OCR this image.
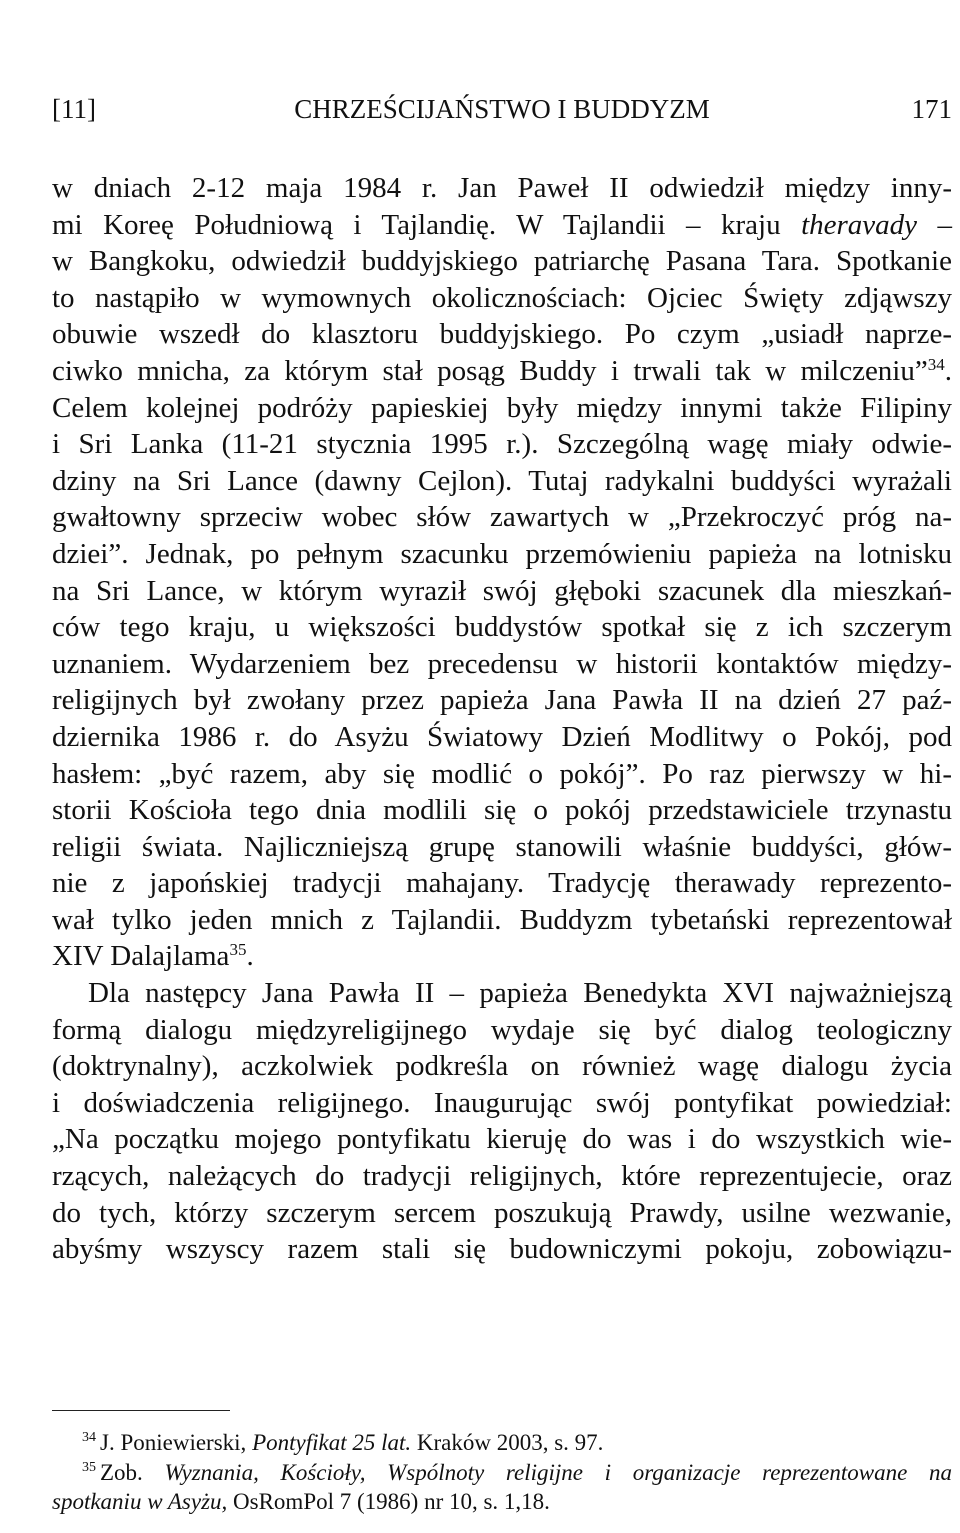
[11]	CHRZEŚCIJAŃSTWO I BUDDYZM	171
w dniach 2-12 maja 1984 r. Jan Paweł II odwiedził między inny-
mi Koreę Południową i Tajlandię. W Tajlandii – kraju theravady –
w Bangkoku, odwiedził buddyjskiego patriarchę Pasana Tara. Spotkanie
to nastąpiło w wymownych okolicznościach: Ojciec Święty zdjąwszy
obuwie wszedł do klasztoru buddyjskiego. Po czym „usiadł naprze-
ciwko mnicha, za którym stał posąg Buddy i trwali tak w milczeniu”$^{34}$.
Celem kolejnej podróży papieskiej były między innymi także Filipiny
i Sri Lanka (11-21 stycznia 1995 r.). Szczególną wagę miały odwie-
dziny na Sri Lance (dawny Cejlon). Tutaj radykalni buddyści wyrażali
gwałtowny sprzeciw wobec słów zawartych w „Przekroczyć próg na-
dziei”. Jednak, po pełnym szacunku przemówieniu papieża na lotnisku
na Sri Lance, w którym wyraził swój głęboki szacunek dla mieszkań-
ców tego kraju, u większości buddystów spotkał się z ich szczerym
uznaniem. Wydarzeniem bez precedensu w historii kontaktów między-
religijnych był zwołany przez papieża Jana Pawła II na dzień 27 paź-
dziernika 1986 r. do Asyżu Światowy Dzień Modlitwy o Pokój, pod
hasłem: „być razem, aby się modlić o pokój”. Po raz pierwszy w hi-
storii Kościoła tego dnia modlili się o pokój przedstawiciele trzynastu
religii świata. Najliczniejszą grupę stanowili właśnie buddyści, głów-
nie z japońskiej tradycji mahajany. Tradycję therawady reprezento-
wał tylko jeden mnich z Tajlandii. Buddyzm tybetański reprezentował
XIV Dalajlama$^{35}$.
Dla następcy Jana Pawła II – papieża Benedykta XVI najważniejszą
formą dialogu międzyreligijnego wydaje się być dialog teologiczny
(doktrynalny), aczkolwiek podkreśla on również wagę dialogu życia
i doświadczenia religijnego. Inaugurując swój pontyfikat powiedział:
„Na początku mojego pontyfikatu kieruję do was i do wszystkich wie-
rzących, należących do tradycji religijnych, które reprezentujecie, oraz
do tych, którzy szczerym sercem poszukują Prawdy, usilne wezwanie,
abyśmy wszyscy razem stali się budowniczymi pokoju, zobowiązu-
$^{34}$ J. Poniewierski, Pontyfikat 25 lat. Kraków 2003, s. 97.
$^{35}$ Zob. Wyznania, Kościoły, Wspólnoty religijne i organizacje reprezentowane na
spotkaniu w Asyżu, OsRomPol 7 (1986) nr 10, s. 1,18.
